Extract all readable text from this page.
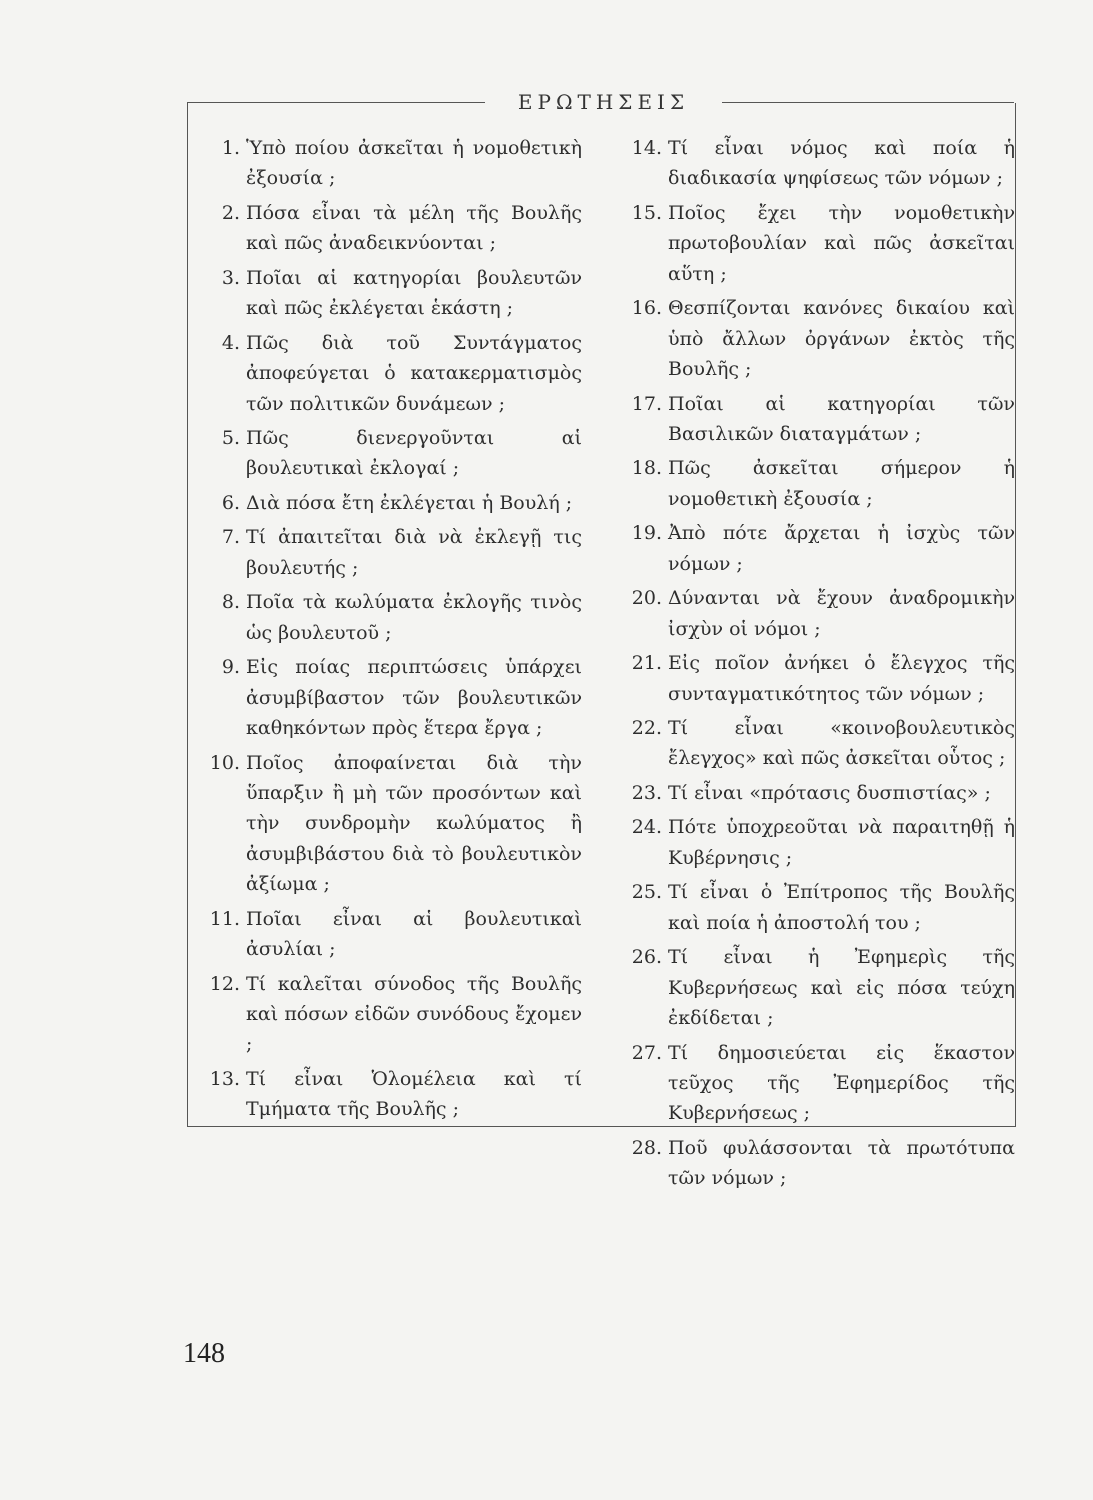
ΕΡΩΤΗΣΕΙΣ
1. Ὑπὸ ποίου ἀσκεῖται ἡ νομοθετικὴ ἐξουσία ;
2. Πόσα εἶναι τὰ μέλη τῆς Βουλῆς καὶ πῶς ἀναδεικνύονται ;
3. Ποῖαι αἱ κατηγορίαι βουλευτῶν καὶ πῶς ἐκλέγεται ἑκάστη ;
4. Πῶς διὰ τοῦ Συντάγματος ἀποφεύγεται ὁ κατακερματισμὸς τῶν πολιτικῶν δυνάμεων ;
5. Πῶς διενεργοῦνται αἱ βουλευτικαὶ ἐκλογαί ;
6. Διὰ πόσα ἔτη ἐκλέγεται ἡ Βουλή ;
7. Τί ἀπαιτεῖται διὰ νὰ ἐκλεγῇ τις βουλευτής ;
8. Ποῖα τὰ κωλύματα ἐκλογῆς τινὸς ὡς βουλευτοῦ ;
9. Εἰς ποίας περιπτώσεις ὑπάρχει ἀσυμβίβαστον τῶν βουλευτικῶν καθηκόντων πρὸς ἕτερα ἔργα ;
10. Ποῖος ἀποφαίνεται διὰ τὴν ὕπαρξιν ἢ μὴ τῶν προσόντων καὶ τὴν συνδρομὴν κωλύματος ἢ ἀσυμβιβάστου διὰ τὸ βουλευτικὸν ἀξίωμα ;
11. Ποῖαι εἶναι αἱ βουλευτικαὶ ἀσυλίαι ;
12. Τί καλεῖται σύνοδος τῆς Βουλῆς καὶ πόσων εἰδῶν συνόδους ἔχομεν ;
13. Τί εἶναι Ὁλομέλεια καὶ τί Τμήματα τῆς Βουλῆς ;
14. Τί εἶναι νόμος καὶ ποία ἡ διαδικασία ψηφίσεως τῶν νόμων ;
15. Ποῖος ἔχει τὴν νομοθετικὴν πρωτοβουλίαν καὶ πῶς ἀσκεῖται αὕτη ;
16. Θεσπίζονται κανόνες δικαίου καὶ ὑπὸ ἄλλων ὀργάνων ἐκτὸς τῆς Βουλῆς ;
17. Ποῖαι αἱ κατηγορίαι τῶν Βασιλικῶν διαταγμάτων ;
18. Πῶς ἀσκεῖται σήμερον ἡ νομοθετικὴ ἐξουσία ;
19. Ἀπὸ πότε ἄρχεται ἡ ἰσχὺς τῶν νόμων ;
20. Δύνανται νὰ ἔχουν ἀναδρομικὴν ἰσχὺν οἱ νόμοι ;
21. Εἰς ποῖον ἀνήκει ὁ ἔλεγχος τῆς συνταγματικότητος τῶν νόμων ;
22. Τί εἶναι «κοινοβουλευτικὸς ἔλεγχος» καὶ πῶς ἀσκεῖται οὗτος ;
23. Τί εἶναι «πρότασις δυσπιστίας» ;
24. Πότε ὑποχρεοῦται νὰ παραιτηθῇ ἡ Κυβέρνησις ;
25. Τί εἶναι ὁ Ἐπίτροπος τῆς Βουλῆς καὶ ποία ἡ ἀποστολή του ;
26. Τί εἶναι ἡ Ἐφημερὶς τῆς Κυβερνήσεως καὶ εἰς πόσα τεύχη ἐκδίδεται ;
27. Τί δημοσιεύεται εἰς ἕκαστον τεῦχος τῆς Ἐφημερίδος τῆς Κυβερνήσεως ;
28. Ποῦ φυλάσσονται τὰ πρωτότυπα τῶν νόμων ;
148
